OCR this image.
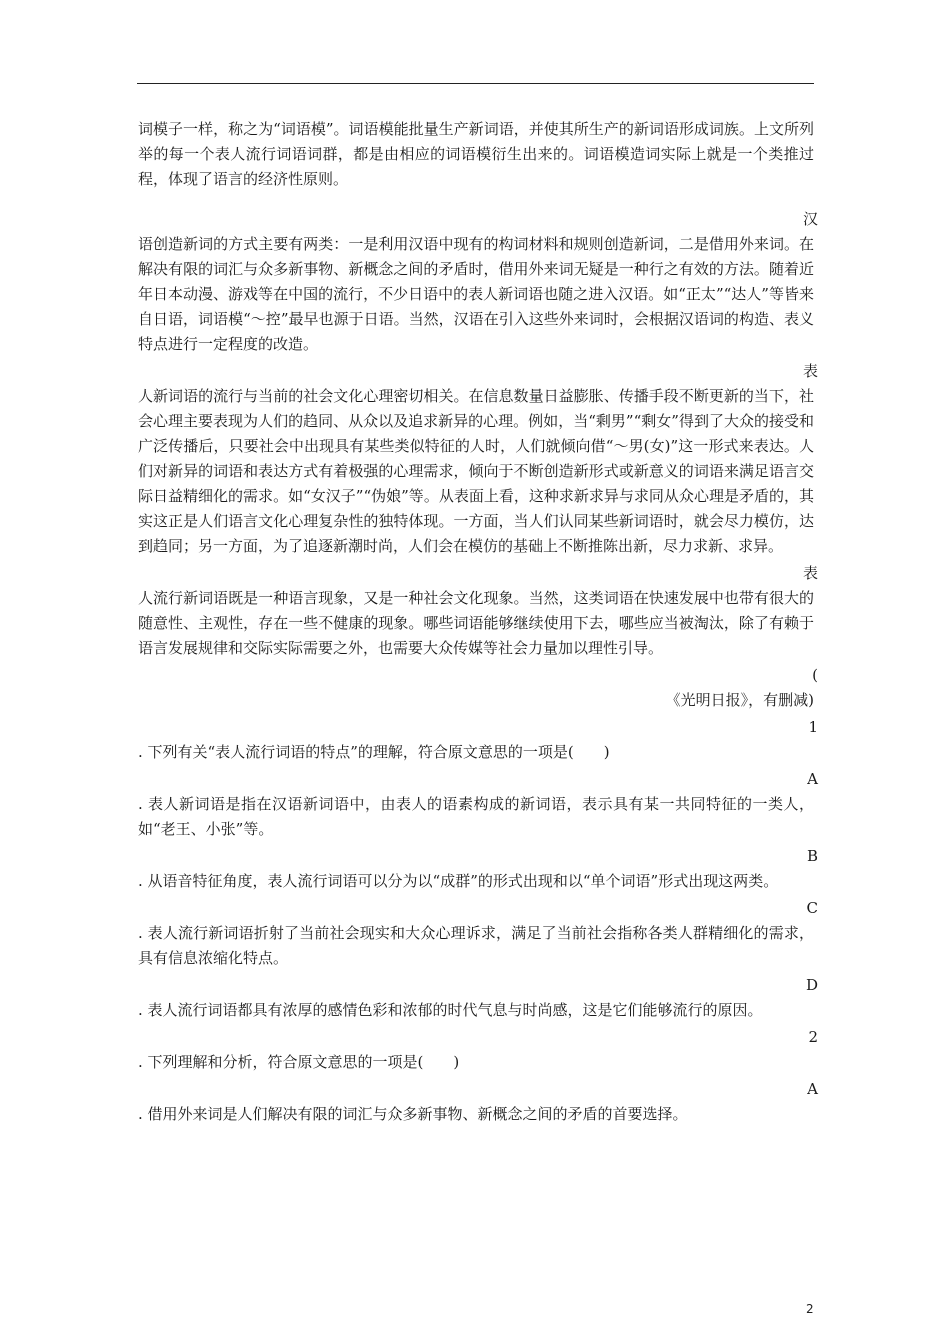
词模子一样，称之为“词语模”。词语模能批量生产新词语，并使其所生产的新词语形成词族。上文所列举的每一个表人流行词语词群，都是由相应的词语模衍生出来的。词语模造词实际上就是一个类推过程，体现了语言的经济性原则。

汉

语创造新词的方式主要有两类：一是利用汉语中现有的构词材料和规则创造新词，二是借用外来词。在解决有限的词汇与众多新事物、新概念之间的矛盾时，借用外来词无疑是一种行之有效的方法。随着近年日本动漫、游戏等在中国的流行，不少日语中的表人新词语也随之进入汉语。如“正太”“达人”等皆来自日语，词语模“～控”最早也源于日语。当然，汉语在引入这些外来词时，会根据汉语词的构造、表义特点进行一定程度的改造。

表

人新词语的流行与当前的社会文化心理密切相关。在信息数量日益膨胀、传播手段不断更新的当下，社会心理主要表现为人们的趋同、从众以及追求新异的心理。例如，当“剩男”“剩女”得到了大众的接受和广泛传播后，只要社会中出现具有某些类似特征的人时，人们就倾向借“～男(女)”这一形式来表达。人们对新异的词语和表达方式有着极强的心理需求，倾向于不断创造新形式或新意义的词语来满足语言交际日益精细化的需求。如“女汉子”“伪娘”等。从表面上看，这种求新求异与求同从众心理是矛盾的，其实这正是人们语言文化心理复杂性的独特体现。一方面，当人们认同某些新词语时，就会尽力模仿，达到趋同；另一方面，为了追逐新潮时尚，人们会在模仿的基础上不断推陈出新，尽力求新、求异。

表

人流行新词语既是一种语言现象，又是一种社会文化现象。当然，这类词语在快速发展中也带有很大的随意性、主观性，存在一些不健康的现象。哪些词语能够继续使用下去，哪些应当被淘汰，除了有赖于语言发展规律和交际实际需要之外，也需要大众传媒等社会力量加以理性引导。

(
《光明日报》，有删减)
1

. 下列有关“表人流行词语的特点”的理解，符合原文意思的一项是(　　)

A

. 表人新词语是指在汉语新词语中，由表人的语素构成的新词语，表示具有某一共同特征的一类人，如“老王、小张”等。

B

. 从语音特征角度，表人流行词语可以分为以“成群”的形式出现和以“单个词语”形式出现这两类。

C

. 表人流行新词语折射了当前社会现实和大众心理诉求，满足了当前社会指称各类人群精细化的需求，具有信息浓缩化特点。

D

. 表人流行词语都具有浓厚的感情色彩和浓郁的时代气息与时尚感，这是它们能够流行的原因。

2

. 下列理解和分析，符合原文意思的一项是(　　)

A

. 借用外来词是人们解决有限的词汇与众多新事物、新概念之间的矛盾的首要选择。

2
